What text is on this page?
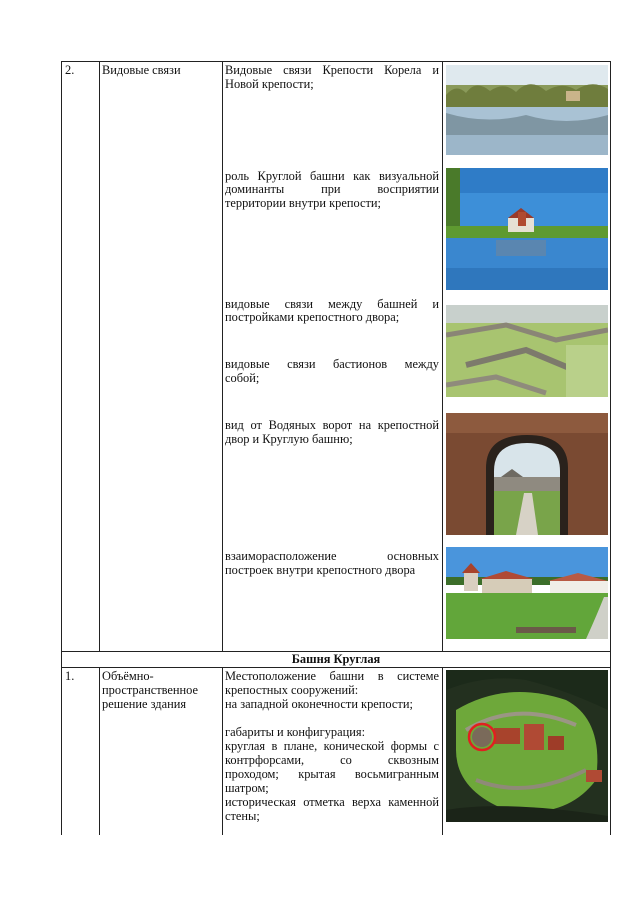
2. Видовые связи	Видовые связи Крепости Корела и
Новой крепости;
роль Круглой башни как визуальной
доминанты при восприятии
территории внутри крепости;
видовые связи между башней и
постройками крепостного двора;
видовые связи бастионов между
собой;
вид от Водяных ворот на крепостной
двор и Круглую башню;
взаиморасположение основных
построек внутри крепостного двора
Башня Круглая
1. Объёмно-
пространственное
решение здания
Местоположение башни в системе
крепостных сооружений:
на западной оконечности крепости;
габариты и конфигурация:
круглая в плане, конической формы с
контрфорсами, со сквозным
проходом; крытая восьмигранным
шатром;
историческая отметка верха каменной
стены;
